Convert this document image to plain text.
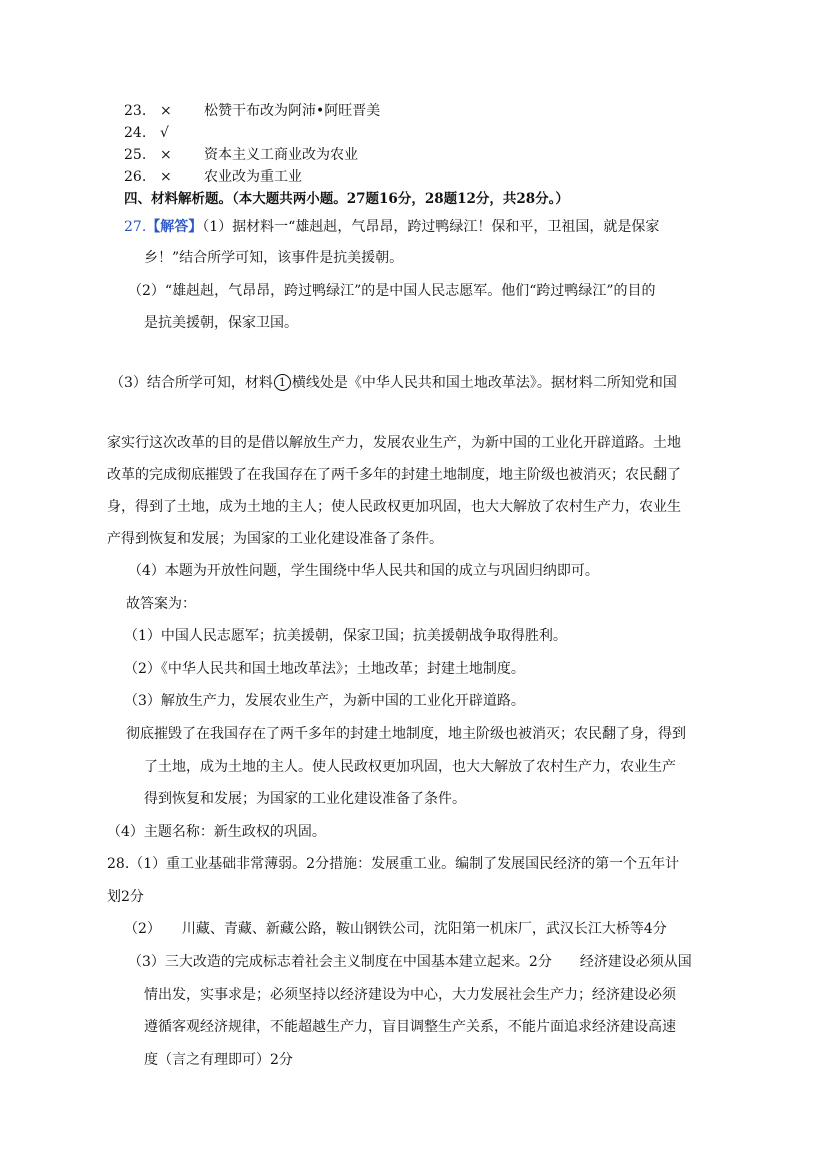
23. × 松赞干布改为阿沛•阿旺晋美
24. √
25. × 资本主义工商业改为农业
26. × 农业改为重工业
四、材料解析题。（本大题共两小题。27题16分，28题12分，共28分。）
27.【解答】（1）据材料一“雄赳赳，气昂昂，跨过鸭绿江！保和平，卫祖国，就是保家
乡！”结合所学可知，该事件是抗美援朝。
（2）“雄赳赳，气昂昂，跨过鸭绿江”的是中国人民志愿军。他们“跨过鸭绿江”的目的
是抗美援朝，保家卫国。
（3）结合所学可知，材料 1 横线处是《中华人民共和国土地改革法》。据材料二所知党和国
家实行这次改革的目的是借以解放生产力，发展农业生产，为新中国的工业化开辟道路。土地
改革的完成彻底摧毁了在我国存在了两千多年的封建土地制度，地主阶级也被消灭；农民翻了
身，得到了土地，成为土地的主人；使人民政权更加巩固，也大大解放了农村生产力，农业生
产得到恢复和发展；为国家的工业化建设准备了条件。
（4）本题为开放性问题，学生围绕中华人民共和国的成立与巩固归纳即可。
故答案为：
（1）中国人民志愿军；抗美援朝，保家卫国；抗美援朝战争取得胜利。
（2）《中华人民共和国土地改革法》；土地改革；封建土地制度。
（3）解放生产力，发展农业生产，为新中国的工业化开辟道路。
彻底摧毁了在我国存在了两千多年的封建土地制度，地主阶级也被消灭；农民翻了身，得到
了土地，成为土地的主人。使人民政权更加巩固，也大大解放了农村生产力，农业生产
得到恢复和发展；为国家的工业化建设准备了条件。
（4）主题名称：新生政权的巩固。
28.（1）重工业基础非常薄弱。2分措施：发展重工业。编制了发展国民经济的第一个五年计
划2分
（2）　　川藏、青藏、新藏公路，鞍山钢铁公司，沈阳第一机床厂，武汉长江大桥等4分
（3）三大改造的完成标志着社会主义制度在中国基本建立起来。2分　　经济建设必须从国
情出发，实事求是；必须坚持以经济建设为中心，大力发展社会生产力；经济建设必须
遵循客观经济规律，不能超越生产力，盲目调整生产关系，不能片面追求经济建设高速
度（言之有理即可）2分
